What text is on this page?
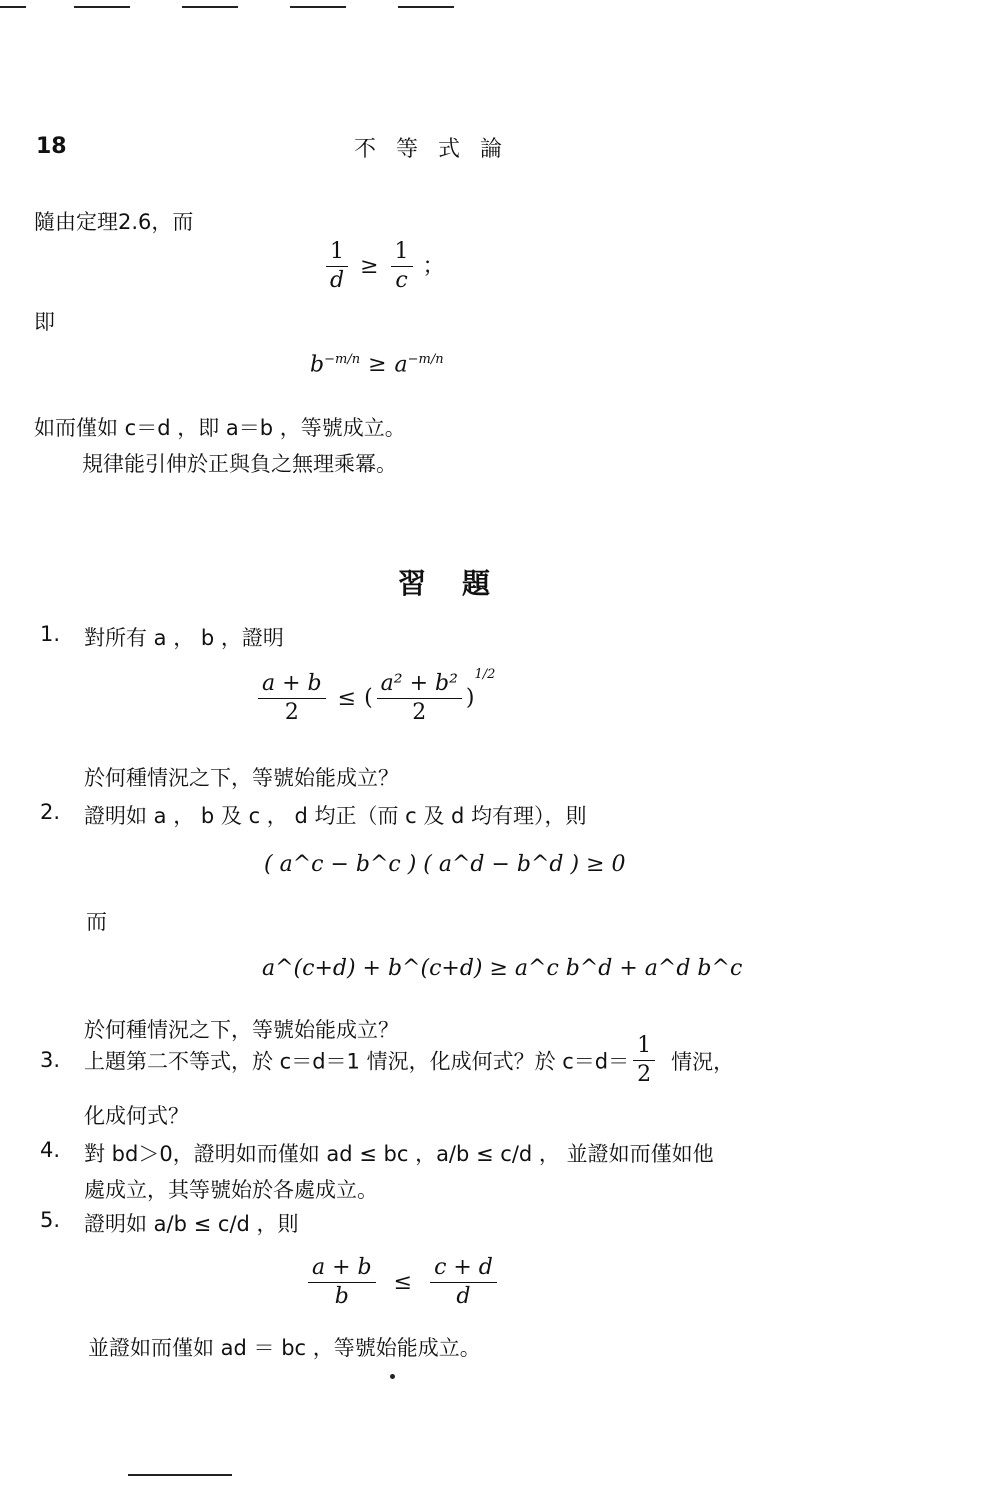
18	不等式論
隨由定理2.6，而
$\frac{1}{d} \ge \frac{1}{c}$ ；
即
$b^{-m/n} \ge a^{-m/n}$
如而僅如 c＝d ，即 a＝b ，等號成立。
規律能引伸於正與負之無理乘冪。
習題
1. 對所有 a ， b ，證明
$\frac{a + b}{2}$ ≤ ( $\frac{\text{a² + b²}}{2} )^{1/2}$
於何種情況之下，等號始能成立？
2. 證明如 a ， b 及 c ， d 均正（而 c 及 d 均有理），則
( a^c − b^c ) ( a^d − b^d ) ≥ 0
而
a^(c+d) + b^(c+d) ≥ a^c b^d + a^d b^c
於何種情況之下，等號始能成立？
3. 上題第二不等式，於 c＝d＝1 情況，化成何式？於 $c=d= \frac{1}{2}$ 情況，
化成何式？
4. 對 bd＞0，證明如而僅如 ad ≤ bc ，a/b ≤ c/d ， 並證如而僅如他
處成立，其等號始於各處成立。
5. 證明如 a/b ≤ c/d ，則
$\frac{a + b}{b} \le \frac{c + d}{d}$
並證如而僅如 ad ＝ bc ，等號始能成立。
